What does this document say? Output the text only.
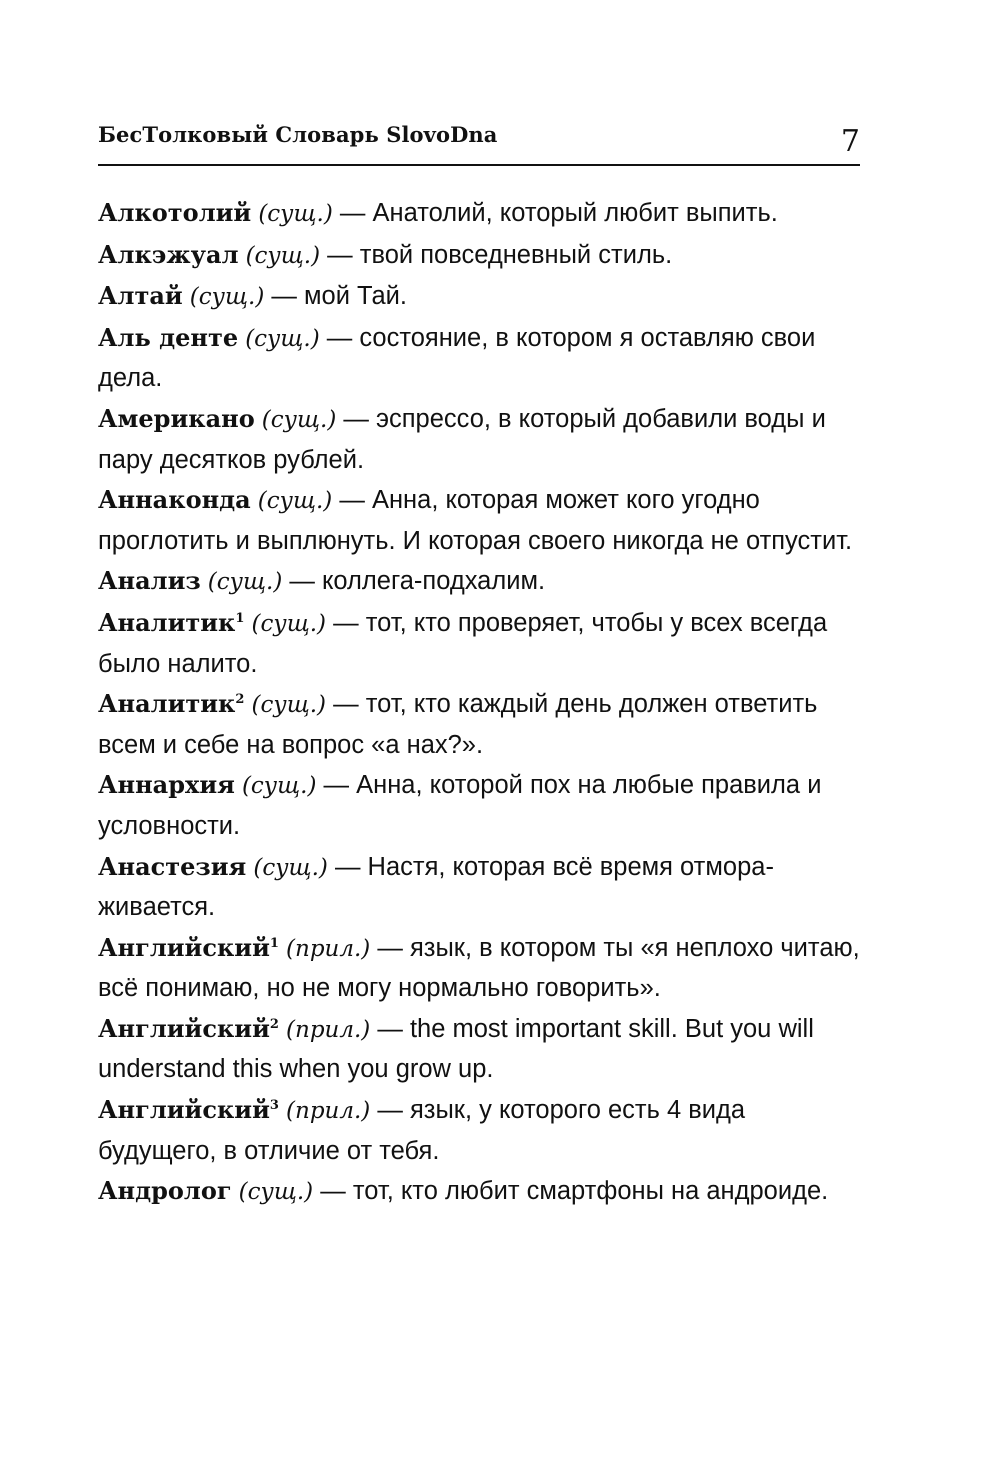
БесТолковый Словарь SlovoDna	7

Алкотолий (сущ.) — Анатолий, который любит выпить.

Алкэжуал (сущ.) — твой повседневный стиль.

Алтай (сущ.) — мой Тай.

Аль денте (сущ.) — состояние, в котором я оставляю свои дела.

Американо (сущ.) — эспрессо, в который добавили воды и пару десятков рублей.

Аннаконда (сущ.) — Анна, которая может кого угодно проглотить и выплюнуть. И которая своего никогда не отпустит.

Анализ (сущ.) — коллега-подхалим.

Аналитик$^1$ (сущ.) — тот, кто проверяет, чтобы у всех всегда было налито.

Аналитик$^2$ (сущ.) — тот, кто каждый день должен ответить всем и себе на вопрос «а нах?».

Аннархия (сущ.) — Анна, которой пох на любые правила и условности.

Анастезия (сущ.) — Настя, которая всё время отмораживается.

Английский$^1$ (прил.) — язык, в котором ты «я неплохо читаю, всё понимаю, но не могу нормально говорить».

Английский$^2$ (прил.) — the most important skill. But you will understand this when you grow up.

Английский$^3$ (прил.) — язык, у которого есть 4 вида будущего, в отличие от тебя.

Андролог (сущ.) — тот, кто любит смартфоны на андроиде.
